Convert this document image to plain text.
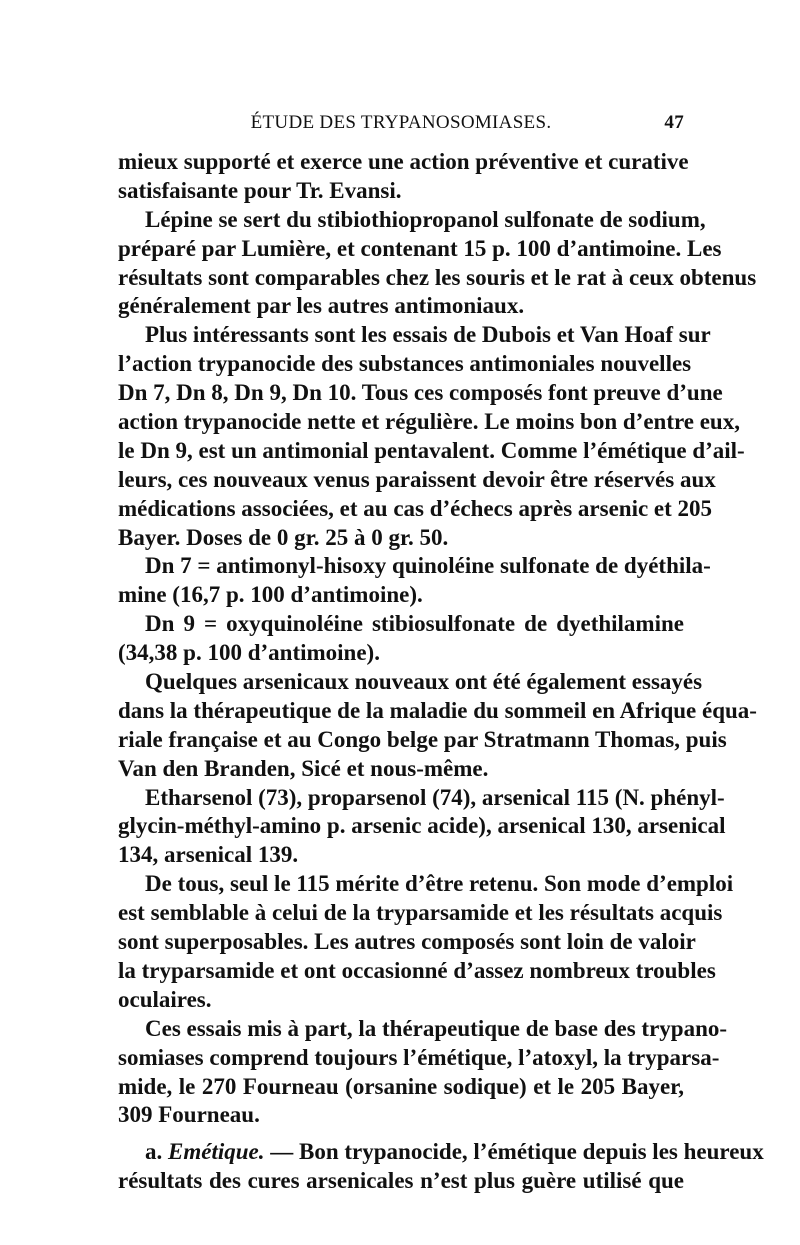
ÉTUDE DES TRYPANOSOMIASES.	47
mieux supporté et exerce une action préventive et curative
satisfaisante pour Tr. Evansi.
Lépine se sert du stibiothiopropanol sulfonate de sodium,
préparé par Lumière, et contenant 15 p. 100 d’antimoine. Les
résultats sont comparables chez les souris et le rat à ceux obtenus
généralement par les autres antimoniaux.
Plus intéressants sont les essais de Dubois et Van Hoaf sur
l’action trypanocide des substances antimoniales nouvelles
Dn 7, Dn 8, Dn 9, Dn 10. Tous ces composés font preuve d’une
action trypanocide nette et régulière. Le moins bon d’entre eux,
le Dn 9, est un antimonial pentavalent. Comme l’émétique d’ail-
leurs, ces nouveaux venus paraissent devoir être réservés aux
médications associées, et au cas d’échecs après arsenic et 205
Bayer. Doses de 0 gr. 25 à 0 gr. 50.
Dn 7 = antimonyl-hisoxy quinoléine sulfonate de dyéthila-
mine (16,7 p. 100 d’antimoine).
Dn 9 = oxyquinoléine stibiosulfonate de dyethilamine
(34,38 p. 100 d’antimoine).
Quelques arsenicaux nouveaux ont été également essayés
dans la thérapeutique de la maladie du sommeil en Afrique équa-
riale française et au Congo belge par Stratmann Thomas, puis
Van den Branden, Sicé et nous-même.
Etharsenol (73), proparsenol (74), arsenical 115 (N. phényl-
glycin-méthyl-amino p. arsenic acide), arsenical 130, arsenical
134, arsenical 139.
De tous, seul le 115 mérite d’être retenu. Son mode d’emploi
est semblable à celui de la tryparsamide et les résultats acquis
sont superposables. Les autres composés sont loin de valoir
la tryparsamide et ont occasionné d’assez nombreux troubles
oculaires.
Ces essais mis à part, la thérapeutique de base des trypano-
somiases comprend toujours l’émétique, l’atoxyl, la tryparsa-
mide, le 270 Fourneau (orsanine sodique) et le 205 Bayer,
309 Fourneau.
a. Emétique. — Bon trypanocide, l’émétique depuis les heureux
résultats des cures arsenicales n’est plus guère utilisé que
